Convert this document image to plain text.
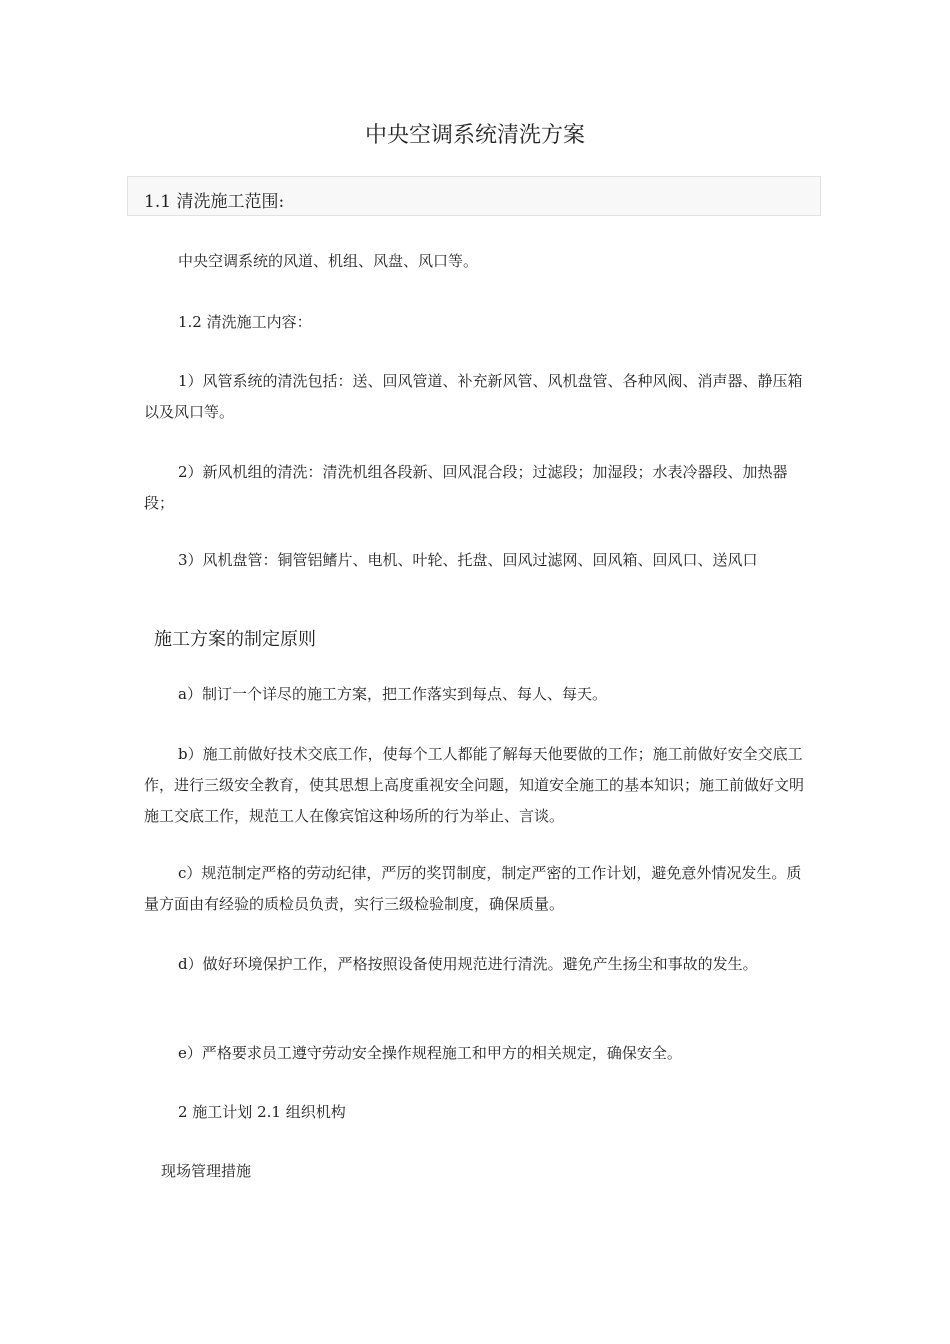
中央空调系统清洗方案
1.1 清洗施工范围:
中央空调系统的风道、机组、风盘、风口等。
1.2 清洗施工内容：
1）风管系统的清洗包括：送、回风管道、补充新风管、风机盘管、各种风阀、消声器、静压箱以及风口等。
2）新风机组的清洗：清洗机组各段新、回风混合段；过滤段；加湿段；水表冷器段、加热器段；
3）风机盘管：铜管铝鳍片、电机、叶轮、托盘、回风过滤网、回风箱、回风口、送风口
施工方案的制定原则
a）制订一个详尽的施工方案，把工作落实到每点、每人、每天。
b）施工前做好技术交底工作，使每个工人都能了解每天他要做的工作；施工前做好安全交底工作，进行三级安全教育，使其思想上高度重视安全问题，知道安全施工的基本知识；施工前做好文明施工交底工作，规范工人在像宾馆这种场所的行为举止、言谈。
c）规范制定严格的劳动纪律，严厉的奖罚制度，制定严密的工作计划，避免意外情况发生。质量方面由有经验的质检员负责，实行三级检验制度，确保质量。
d）做好环境保护工作，严格按照设备使用规范进行清洗。避免产生扬尘和事故的发生。
e）严格要求员工遵守劳动安全操作规程施工和甲方的相关规定，确保安全。
2 施工计划 2.1 组织机构
现场管理措施
